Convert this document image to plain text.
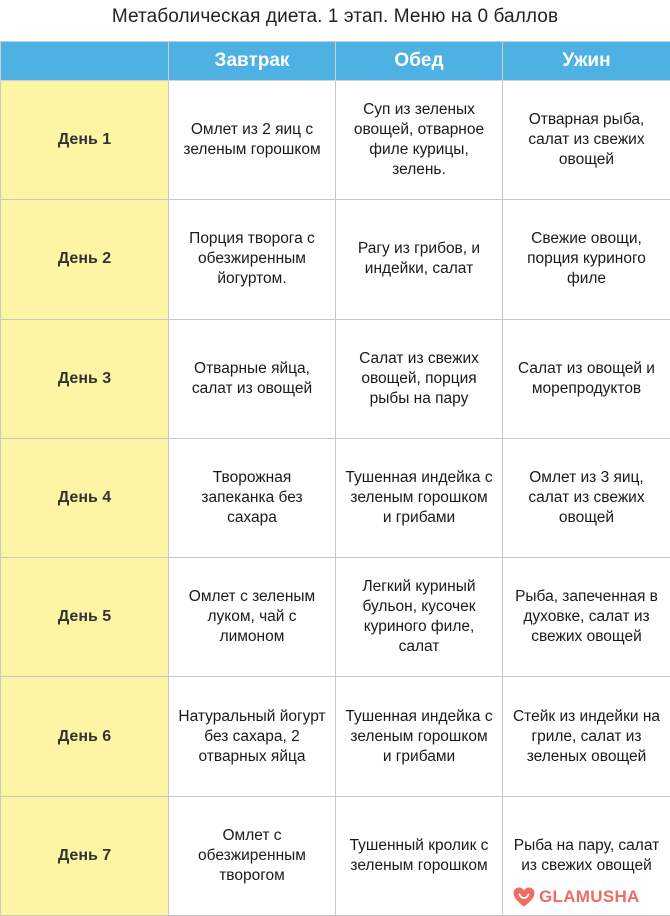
Метаболическая диета. 1 этап. Меню на 0 баллов
	Завтрак	Обед	Ужин
День 1	Омлет из 2 яиц с зеленым горошком	Суп из зеленых овощей, отварное филе курицы, зелень.	Отварная рыба, салат из свежих овощей
День 2	Порция творога с обезжиренным йогуртом.	Рагу из грибов, и индейки, салат	Свежие овощи, порция куриного филе
День 3	Отварные яйца, салат из овощей	Салат из свежих овощей, порция рыбы на пару	Салат из овощей и морепродуктов
День 4	Творожная запеканка без сахара	Тушенная индейка с зеленым горошком и грибами	Омлет из 3 яиц, салат из свежих овощей
День 5	Омлет с зеленым луком, чай с лимоном	Легкий куриный бульон, кусочек куриного филе, салат	Рыба, запеченная в духовке, салат из свежих овощей
День 6	Натуральный йогурт без сахара, 2 отварных яйца	Тушенная индейка с зеленым горошком и грибами	Стейк из индейки на гриле, салат из зеленых овощей
День 7	Омлет с обезжиренным творогом	Тушенный кролик с зеленым горошком	Рыба на пару, салат из свежих овощей
GLAMUSHA
